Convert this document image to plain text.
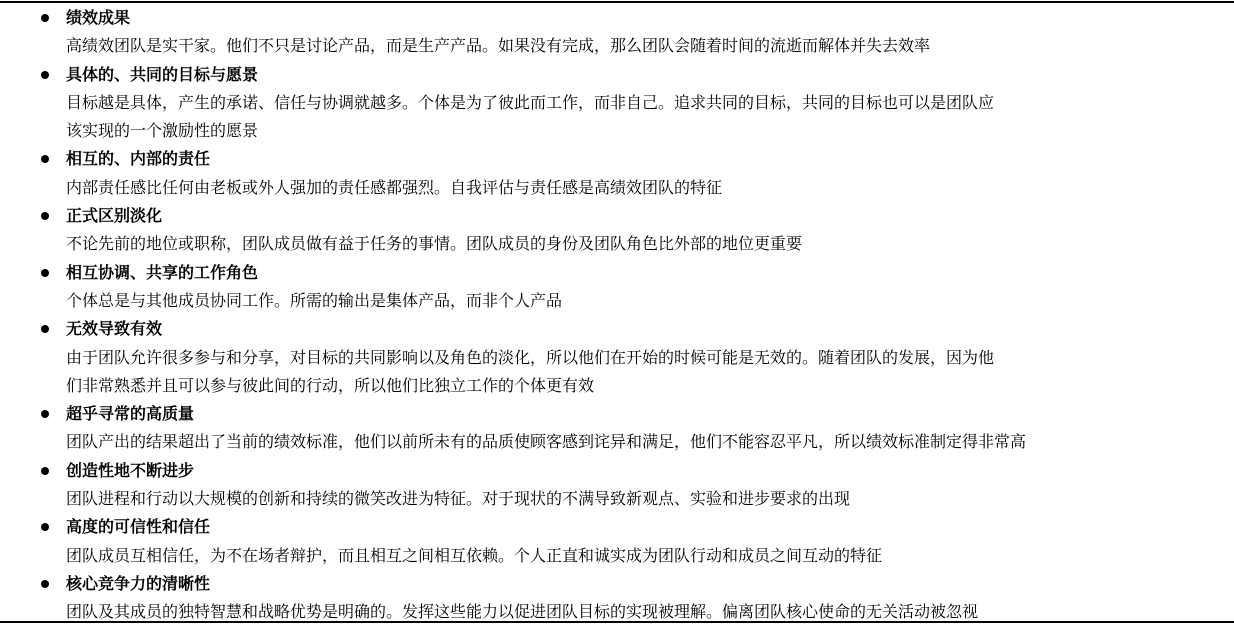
绩效成果
高绩效团队是实干家。他们不只是讨论产品，而是生产产品。如果没有完成，那么团队会随着时间的流逝而解体并失去效率
具体的、共同的目标与愿景
目标越是具体，产生的承诺、信任与协调就越多。个体是为了彼此而工作，而非自己。追求共同的目标，共同的目标也可以是团队应
该实现的一个激励性的愿景
相互的、内部的责任
内部责任感比任何由老板或外人强加的责任感都强烈。自我评估与责任感是高绩效团队的特征
正式区别淡化
不论先前的地位或职称，团队成员做有益于任务的事情。团队成员的身份及团队角色比外部的地位更重要
相互协调、共享的工作角色
个体总是与其他成员协同工作。所需的输出是集体产品，而非个人产品
无效导致有效
由于团队允许很多参与和分享，对目标的共同影响以及角色的淡化，所以他们在开始的时候可能是无效的。随着团队的发展，因为他
们非常熟悉并且可以参与彼此间的行动，所以他们比独立工作的个体更有效
超乎寻常的高质量
团队产出的结果超出了当前的绩效标准，他们以前所未有的品质使顾客感到诧异和满足，他们不能容忍平凡，所以绩效标准制定得非常高
创造性地不断进步
团队进程和行动以大规模的创新和持续的微笑改进为特征。对于现状的不满导致新观点、实验和进步要求的出现
高度的可信性和信任
团队成员互相信任，为不在场者辩护，而且相互之间相互依赖。个人正直和诚实成为团队行动和成员之间互动的特征
核心竞争力的清晰性
团队及其成员的独特智慧和战略优势是明确的。发挥这些能力以促进团队目标的实现被理解。偏离团队核心使命的无关活动被忽视
